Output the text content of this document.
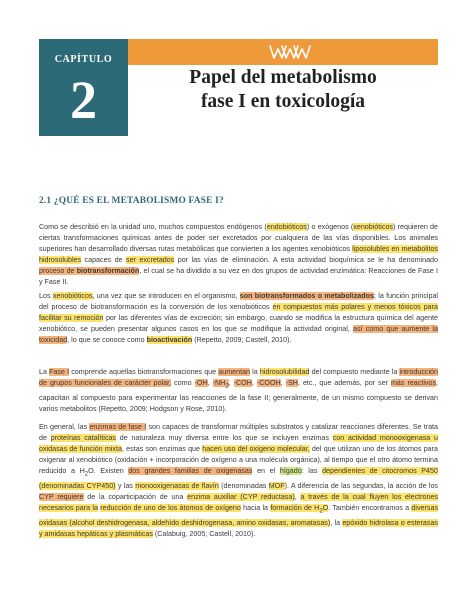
CAPÍTULO
2	Papel del metabolismo
fase I en toxicología
2.1 ¿QUÉ ES EL METABOLISMO FASE I?

Como se describió en la unidad uno, muchos compuestos endógenos (endobióticos) o exógenos (xenobióticos) requieren de ciertas transformaciones químicas antes de poder ser excretados por cualquiera de las vías disponibles. Los animales superiores han desarrollado diversas rutas metabólicas que convierten a los agentes xenobióticos liposolubles en metabolitos hidrosolubles capaces de ser excretados por las vías de eliminación. A esta actividad bioquímica se le ha denominado proceso de biotransformación, el cual se ha dividido a su vez en dos grupos de actividad enzimática: Reacciones de Fase I y Fase II.

Los xenobióticos, una vez que se introducen en el organismo, son biotransformados o metabolizados; la función principal del proceso de biotransformación es la conversión de los xenobióticos en compuestos más polares y menos tóxicos para facilitar su remoción por las diferentes vías de excreción; sin embargo, cuando se modifica la estructura química del agente xenobiótico, se pueden presentar algunos casos en los que se modifique la actividad original, así como que aumente la toxicidad, lo que se conoce como bioactivación (Repetto, 2009; Castell, 2010).

La Fase I comprende aquellas biotransformaciones que aumentan la hidrosolubilidad del compuesto mediante la introducción de grupos funcionales de carácter polar, como -OH, $-NH_2$, -COH, -COOH, -SH, etc., que además, por ser más reactivos, capacitan al compuesto para experimentar las reacciones de la fase II; generalmente, de un mismo compuesto se derivan varios metabolitos (Repetto, 2009; Hodgson y Rose, 2010).

En general, las enzimas de fase I son capaces de transformar múltiples substratos y catalizar reacciones diferentes. Se trata de proteínas catalíticas de naturaleza muy diversa entre los que se incluyen enzimas con actividad monooxigenasa u oxidasas de función mixta, estas son enzimas que hacen uso del oxígeno molecular, del que utilizan uno de los átomos para oxigenar al xenobiótico (oxidación + incorporación de oxígeno a una molécula orgánica), al tiempo que el otro átomo termina reducido a $H_2O$. Existen dos grandes familias de oxigenasas en el hígado: las dependientes de citocromos P450 (denominadas CYP450) y las monooxigenasas de flavín (denominadas MOF). A diferencia de las segundas, la acción de los CYP requiere de la coparticipación de una enzima auxiliar (CYP reductasa), a través de la cual fluyen los electrones necesarios para la reducción de uno de los átomos de oxígeno hacia la formación de $H_2O$. También encontramos a diversas oxidasas (alcohol deshidrogenasa, aldehído deshidrogenasa, amino oxidasas, aromatasas), la epóxido hidrolasa o esterasas y amidasas hepáticas y plasmáticas (Calabuig, 2005; Castell, 2010).
